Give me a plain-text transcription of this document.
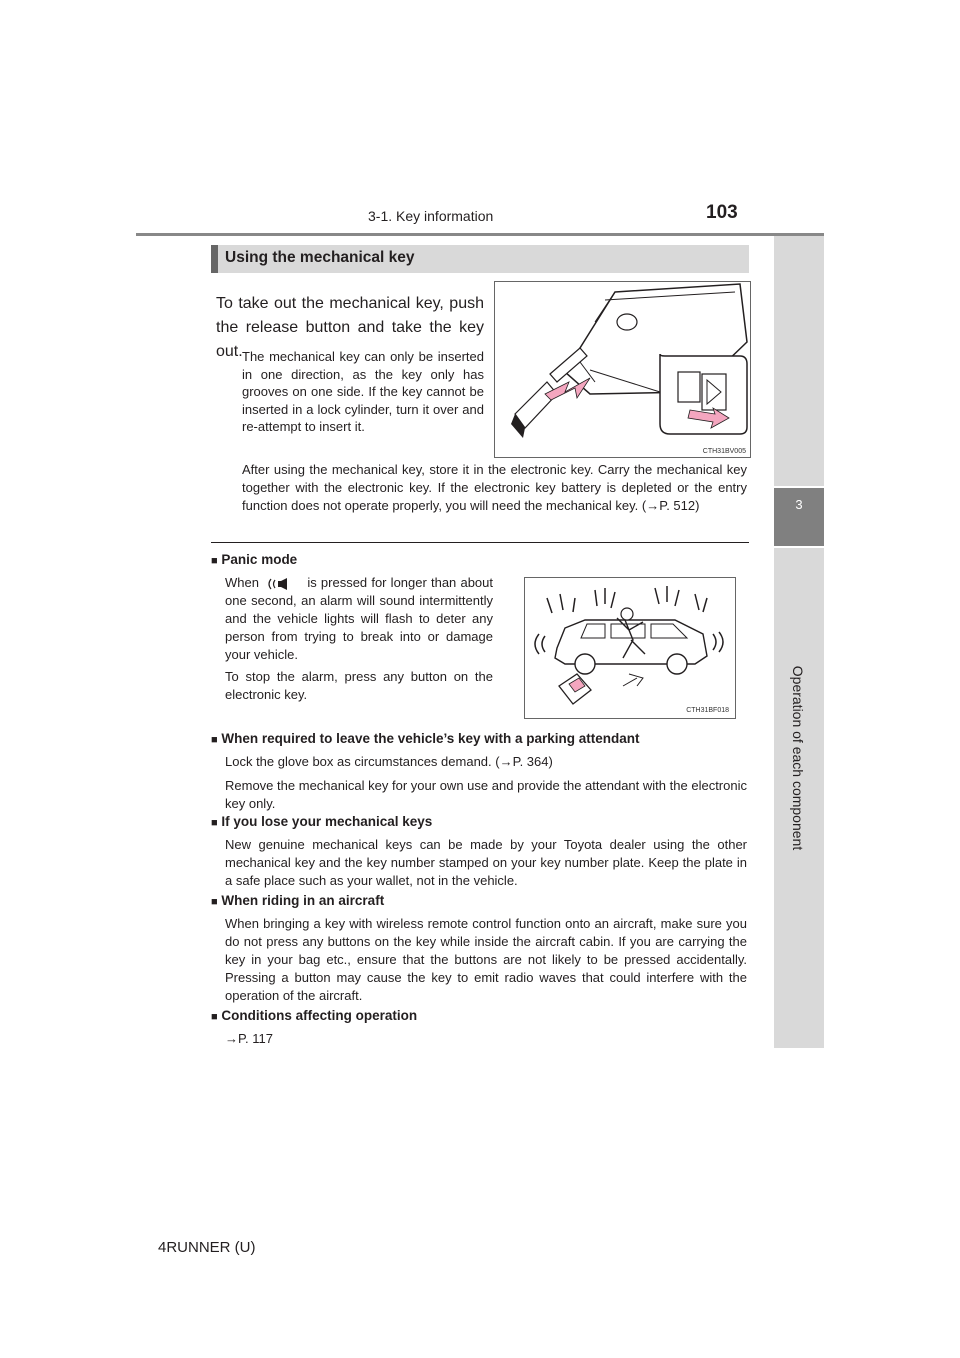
3-1. Key information	103
3
Operation of each component
Using the mechanical key
To take out the mechanical key, push the release button and take the key out. The mechanical key can only be inserted in one direction, as the key only has grooves on one side. If the key cannot be inserted in a lock cylinder, turn it over and re-attempt to insert it.
CTH31BV005
After using the mechanical key, store it in the electronic key. Carry the mechanical key together with the electronic key. If the electronic key battery is depleted or the entry function does not operate properly, you will need the mechanical key. (→P. 512)
■ Panic mode
When	is pressed for longer than about one second, an alarm will sound intermittently and the vehicle lights will flash to deter any person from trying to break into or damage your vehicle.
To stop the alarm, press any button on the electronic key.
CTH31BF018
■ When required to leave the vehicle’s key with a parking attendant
Lock the glove box as circumstances demand. (→P. 364)
Remove the mechanical key for your own use and provide the attendant with the electronic key only.
■ If you lose your mechanical keys
New genuine mechanical keys can be made by your Toyota dealer using the other mechanical key and the key number stamped on your key number plate. Keep the plate in a safe place such as your wallet, not in the vehicle.
■ When riding in an aircraft
When bringing a key with wireless remote control function onto an aircraft, make sure you do not press any buttons on the key while inside the aircraft cabin. If you are carrying the key in your bag etc., ensure that the buttons are not likely to be pressed accidentally. Pressing a button may cause the key to emit radio waves that could interfere with the operation of the aircraft.
■ Conditions affecting operation
→P. 117
4RUNNER (U)
